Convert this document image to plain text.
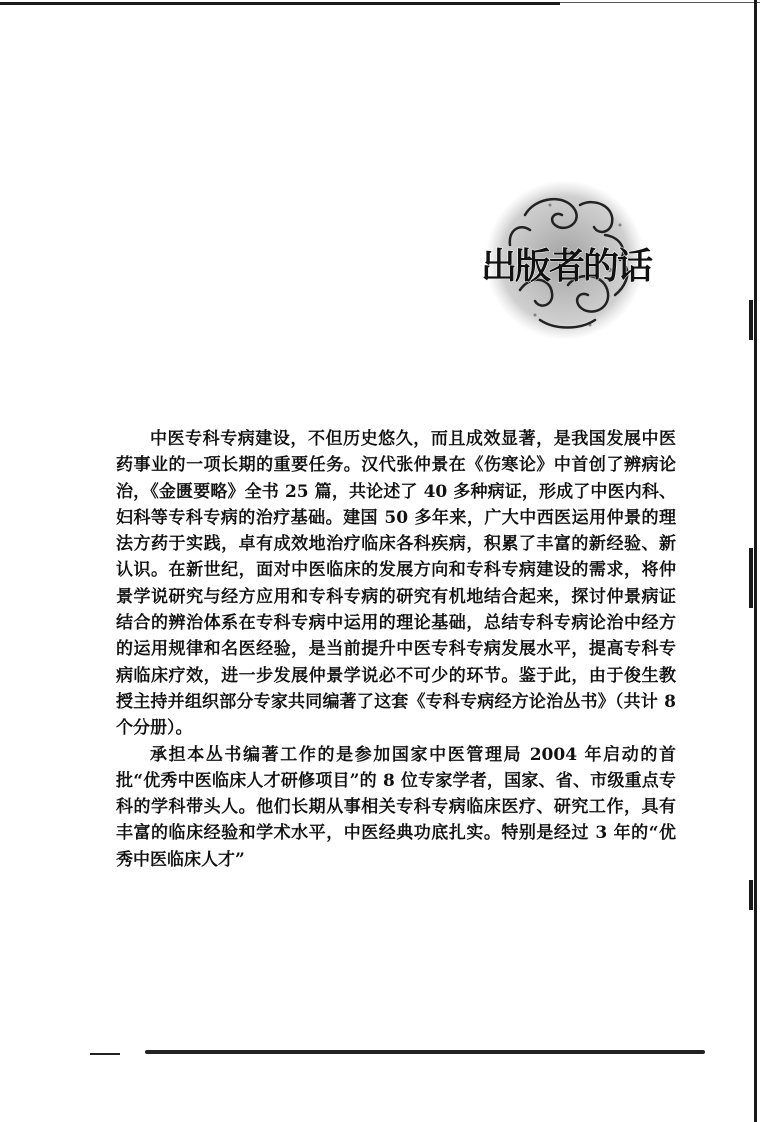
出版者的话

中医专科专病建设，不但历史悠久，而且成效显著，是我国发展中医药事业的一项长期的重要任务。汉代张仲景在《伤寒论》中首创了辨病论治，《金匮要略》全书 25 篇，共论述了 40 多种病证，形成了中医内科、妇科等专科专病的治疗基础。建国 50 多年来，广大中西医运用仲景的理法方药于实践，卓有成效地治疗临床各科疾病，积累了丰富的新经验、新认识。在新世纪，面对中医临床的发展方向和专科专病建设的需求，将仲景学说研究与经方应用和专科专病的研究有机地结合起来，探讨仲景病证结合的辨治体系在专科专病中运用的理论基础，总结专科专病论治中经方的运用规律和名医经验，是当前提升中医专科专病发展水平，提高专科专病临床疗效，进一步发展仲景学说必不可少的环节。鉴于此，由于俊生教授主持并组织部分专家共同编著了这套《专科专病经方论治丛书》（共计 8 个分册）。

承担本丛书编著工作的是参加国家中医管理局 2004 年启动的首批“优秀中医临床人才研修项目”的 8 位专家学者，国家、省、市级重点专科的学科带头人。他们长期从事相关专科专病临床医疗、研究工作，具有丰富的临床经验和学术水平，中医经典功底扎实。特别是经过 3 年的“优秀中医临床人才”
